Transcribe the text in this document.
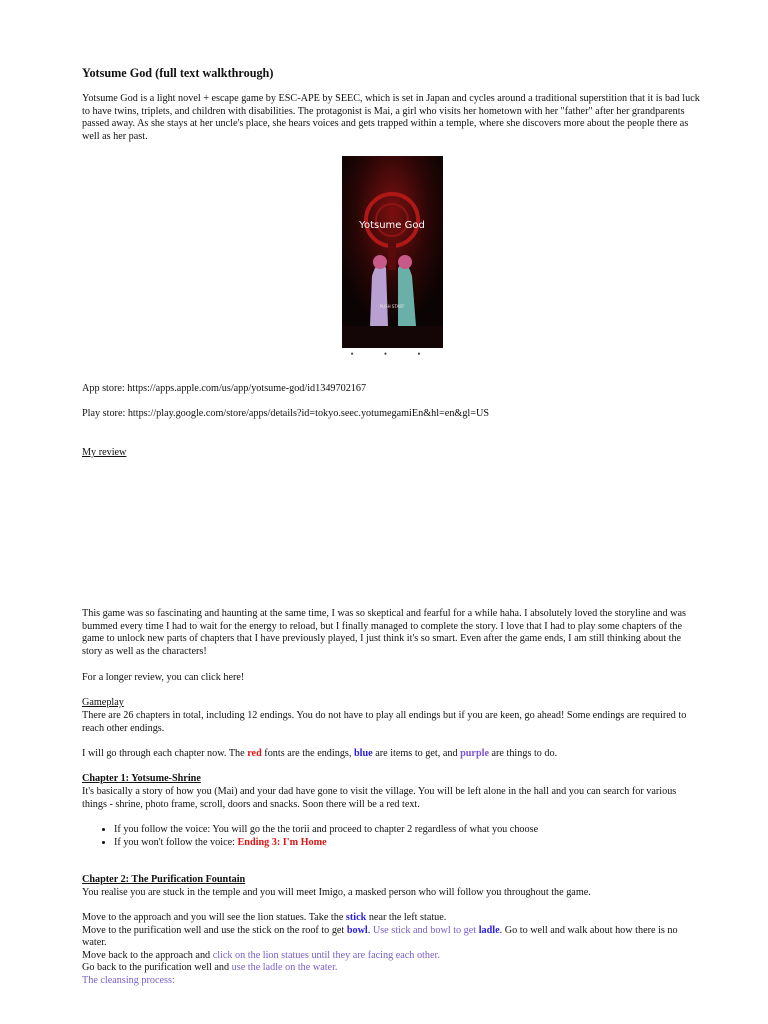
Yotsume God (full text walkthrough)

Yotsume God is a light novel + escape game by ESC-APE by SEEC, which is set in Japan and cycles around a traditional superstition that it is bad luck to have twins, triplets, and children with disabilities. The protagonist is Mai, a girl who visits her hometown with her "father" after her grandparents passed away. As she stays at her uncle's place, she hears voices and gets trapped within a temple, where she discovers more about the people there as well as her past.

Yotsume God
PUSH START
• • •

App store: https://apps.apple.com/us/app/yotsume-god/id1349702167

Play store: https://play.google.com/store/apps/details?id=tokyo.seec.yotumegamiEn&hl=en&gl=US

My review

This game was so fascinating and haunting at the same time, I was so skeptical and fearful for a while haha. I absolutely loved the storyline and was bummed every time I had to wait for the energy to reload, but I finally managed to complete the story. I love that I had to play some chapters of the game to unlock new parts of chapters that I have previously played, I just think it's so smart. Even after the game ends, I am still thinking about the story as well as the characters!

For a longer review, you can click here!

Gameplay

There are 26 chapters in total, including 12 endings. You do not have to play all endings but if you are keen, go ahead! Some endings are required to reach other endings.

I will go through each chapter now. The red fonts are the endings, blue are items to get, and purple are things to do.

Chapter 1: Yotsume-Shrine

It's basically a story of how you (Mai) and your dad have gone to visit the village. You will be left alone in the hall and you can search for various things - shrine, photo frame, scroll, doors and snacks. Soon there will be a red text.

• If you follow the voice: You will go the the torii and proceed to chapter 2 regardless of what you choose
• If you won't follow the voice: Ending 3: I'm Home

Chapter 2: The Purification Fountain

You realise you are stuck in the temple and you will meet Imigo, a masked person who will follow you throughout the game.

Move to the approach and you will see the lion statues. Take the stick near the left statue.

Move to the purification well and use the stick on the roof to get bowl. Use stick and bowl to get ladle. Go to well and walk about how there is no water.

Move back to the approach and click on the lion statues until they are facing each other.

Go back to the purification well and use the ladle on the water.

The cleansing process:
